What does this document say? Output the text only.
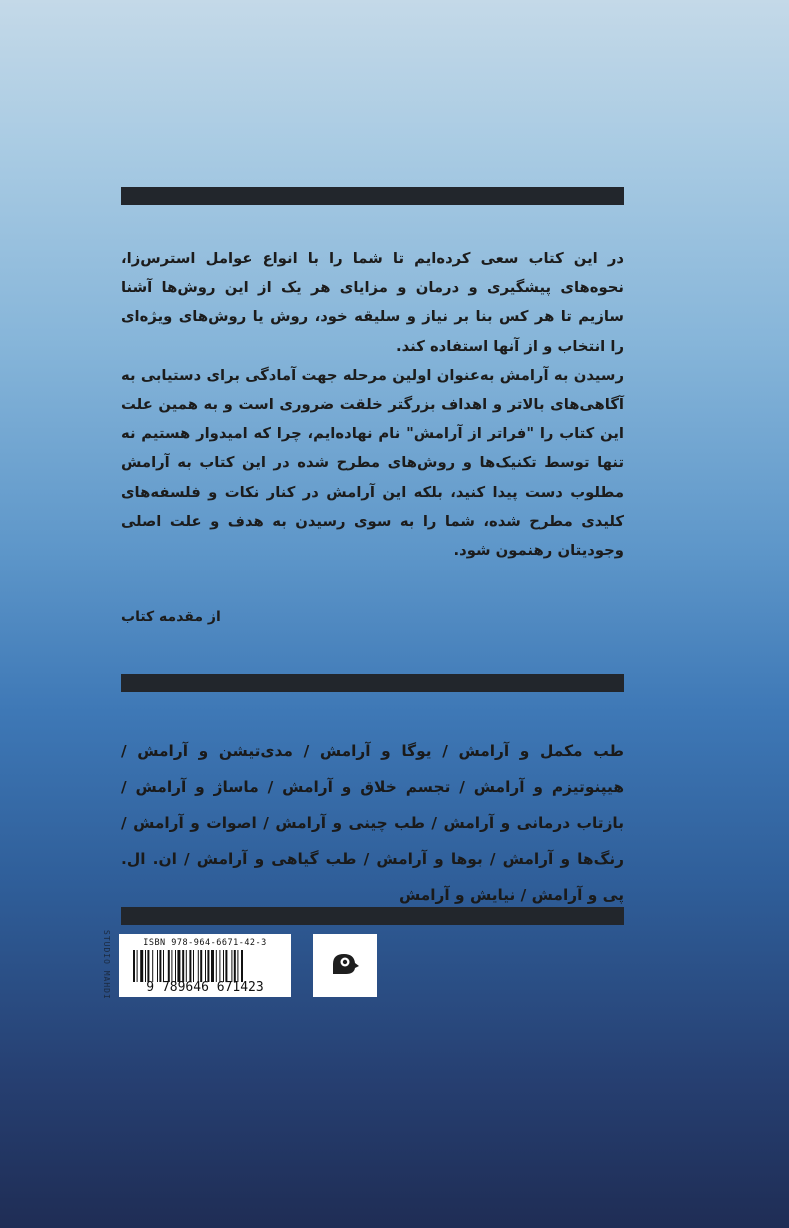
در این کتاب سعی کرده‌ایم تا شما را با انواع عوامل استرس‌زا، نحوه‌های پیشگیری و درمان و مزایای هر یک از این روش‌ها آشنا سازیم تا هر کس بنا بر نیاز و سلیقه خود، روش یا روش‌های ویژه‌ای را انتخاب و از آنها استفاده کند.

رسیدن به آرامش به‌عنوان اولین مرحله جهت آمادگی برای دستیابی به آگاهی‌های بالاتر و اهداف بزرگتر خلقت ضروری است و به همین علت این کتاب را "فراتر از آرامش" نام نهاده‌ایم، چرا که امیدوار هستیم نه تنها توسط تکنیک‌ها و روش‌های مطرح شده در این کتاب به آرامش مطلوب دست پیدا کنید، بلکه این آرامش در کنار نکات و فلسفه‌های کلیدی مطرح شده، شما را به سوی رسیدن به هدف و علت اصلی وجودیتان رهنمون شود.

از مقدمه کتاب
طب مکمل و آرامش / یوگا و آرامش / مدی‌تیشن و آرامش / هیپنوتیزم و آرامش / تجسم خلاق و آرامش / ماساژ و آرامش / بازتاب درمانی و آرامش / طب چینی و آرامش / اصوات و آرامش / رنگ‌ها و آرامش / بوها و آرامش / طب گیاهی و آرامش / ان. ال. پی و آرامش / نیایش و آرامش
STUDIO MAHDI	ISBN 978-964-6671-42-3
9 789646 671423
